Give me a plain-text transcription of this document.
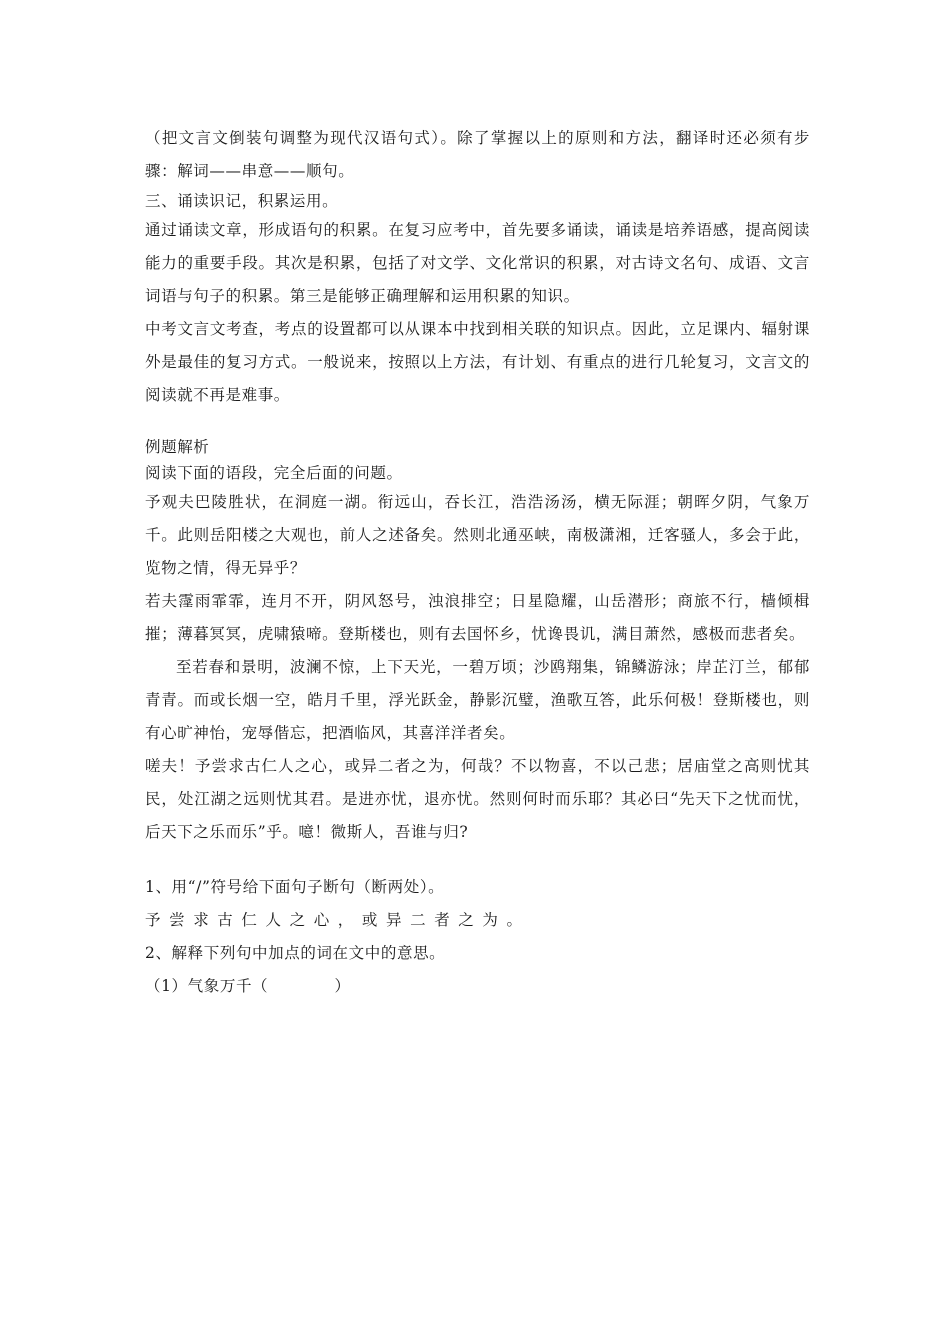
（把文言文倒装句调整为现代汉语句式）。除了掌握以上的原则和方法，翻译时还必须有步骤：解词——串意——顺句。

三、诵读识记，积累运用。

通过诵读文章，形成语句的积累。在复习应考中，首先要多诵读，诵读是培养语感，提高阅读能力的重要手段。其次是积累，包括了对文学、文化常识的积累，对古诗文名句、成语、文言词语与句子的积累。第三是能够正确理解和运用积累的知识。

中考文言文考查，考点的设置都可以从课本中找到相关联的知识点。因此，立足课内、辐射课外是最佳的复习方式。一般说来，按照以上方法，有计划、有重点的进行几轮复习，文言文的阅读就不再是难事。

例题解析

阅读下面的语段，完全后面的问题。

予观夫巴陵胜状，在洞庭一湖。衔远山，吞长江，浩浩汤汤，横无际涯；朝晖夕阴，气象万千。此则岳阳楼之大观也，前人之述备矣。然则北通巫峡，南极潇湘，迁客骚人，多会于此，览物之情，得无异乎？

若夫霪雨霏霏，连月不开，阴风怒号，浊浪排空；日星隐耀，山岳潜形；商旅不行，樯倾楫摧；薄暮冥冥，虎啸猿啼。登斯楼也，则有去国怀乡，忧谗畏讥，满目萧然，感极而悲者矣。

至若春和景明，波澜不惊，上下天光，一碧万顷；沙鸥翔集，锦鳞游泳；岸芷汀兰，郁郁青青。而或长烟一空，皓月千里，浮光跃金，静影沉璧，渔歌互答，此乐何极！登斯楼也，则有心旷神怡，宠辱偕忘，把酒临风，其喜洋洋者矣。

嗟夫！予尝求古仁人之心，或异二者之为，何哉？不以物喜，不以己悲；居庙堂之高则忧其民，处江湖之远则忧其君。是进亦忧，退亦忧。然则何时而乐耶？其必曰“先天下之忧而忧，后天下之乐而乐”乎。噫！微斯人，吾谁与归?

1、用“/”符号给下面句子断句（断两处）。

予尝求古仁人之心，或异二者之为。

2、解释下列句中加点的词在文中的意思。

（1）气象万千（            ）
